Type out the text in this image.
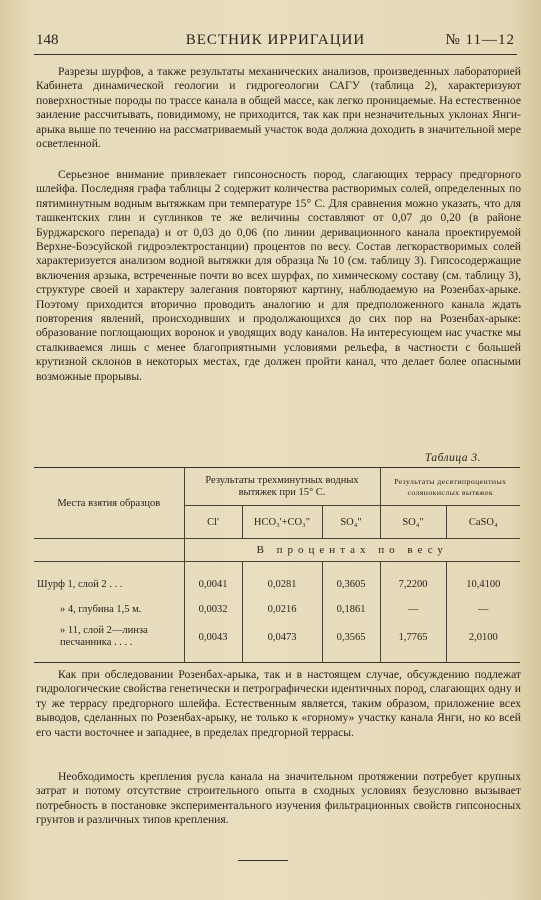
148	ВЕСТНИК ИРРИГАЦИИ	№ 11—12

Разрезы шурфов, а также результаты механических анализов, произведенных лабораторией Кабинета динамической геологии и гидрогеологии САГУ (таблица 2), характеризуют поверхностные породы по трассе канала в общей массе, как легко проницаемые. На естественное заиление рассчитывать, повидимому, не приходится, так как при незначительных уклонах Янги-арыка выше по течению на рассматриваемый участок вода должна доходить в значительной мере осветленной.

Серьезное внимание привлекает гипсоносность пород, слагающих террасу предгорного шлейфа. Последняя графа таблицы 2 содержит количества растворимых солей, определенных по пятиминутным водным вытяжкам при температуре 15° С. Для сравнения можно указать, что для ташкентских глин и суглинков те же величины составляют от 0,07 до 0,20 (в районе Бурджарского перепада) и от 0,03 до 0,06 (по линии деривационного канала проектируемой Верхне-Боэсуйской гидроэлектростанции) процентов по весу. Состав легкорастворимых солей характеризуется анализом водной вытяжки для образца № 10 (см. таблицу 3). Гипсосодержащие включения арзыка, встреченные почти во всех шурфах, по химическому составу (см. таблицу 3), структуре своей и характеру залегания повторяют картину, наблюдаемую на Розенбах-арыке. Поэтому приходится вторично проводить аналогию и для предположенного канала ждать повторения явлений, происходивших и продолжающихся до сих пор на Розенбах-арыке: образование поглощающих воронок и уводящих воду каналов. На интересующем нас участке мы сталкиваемся лишь с менее благоприятными условиями рельефа, в частности с большей крутизной склонов в некоторых местах, где должен пройти канал, что делает более опасными возможные прорывы.

Таблица 3.
Места взятия образцов	Результаты трехминутных водных вытяжек при 15° С.			Результаты десятипроцентных солянокислых вытяжек	
	Cl'	HCO₃'+CO₃"	SO₄"	SO₄"	CaSO₄
	В процентах по весу				

Шурф 1, слой 2 . . .	0,0041	0,0281	0,3605	7,2200	10,4100
» 4, глубина 1,5 м.	0,0032	0,0216	0,1861	—	—
» 11, слой 2—линза песчанника . . . .	0,0043	0,0473	0,3565	1,7765	2,0100

Как при обследовании Розенбах-арыка, так и в настоящем случае, обсуждению подлежат гидрологические свойства генетически и петрографически идентичных пород, слагающих одну и ту же террасу предгорного шлейфа. Естественным является, таким образом, приложение всех выводов, сделанных по Розенбах-арыку, не только к «горному» участку канала Янги, но ко всей его части восточнее и западнее, в пределах предгорной террасы.

Необходимость крепления русла канала на значительном протяжении потребует крупных затрат и потому отсутствие строительного опыта в сходных условиях безусловно вызывает потребность в постановке экспериментального изучения фильтрационных свойств гипсоносных грунтов и различных типов крепления.
